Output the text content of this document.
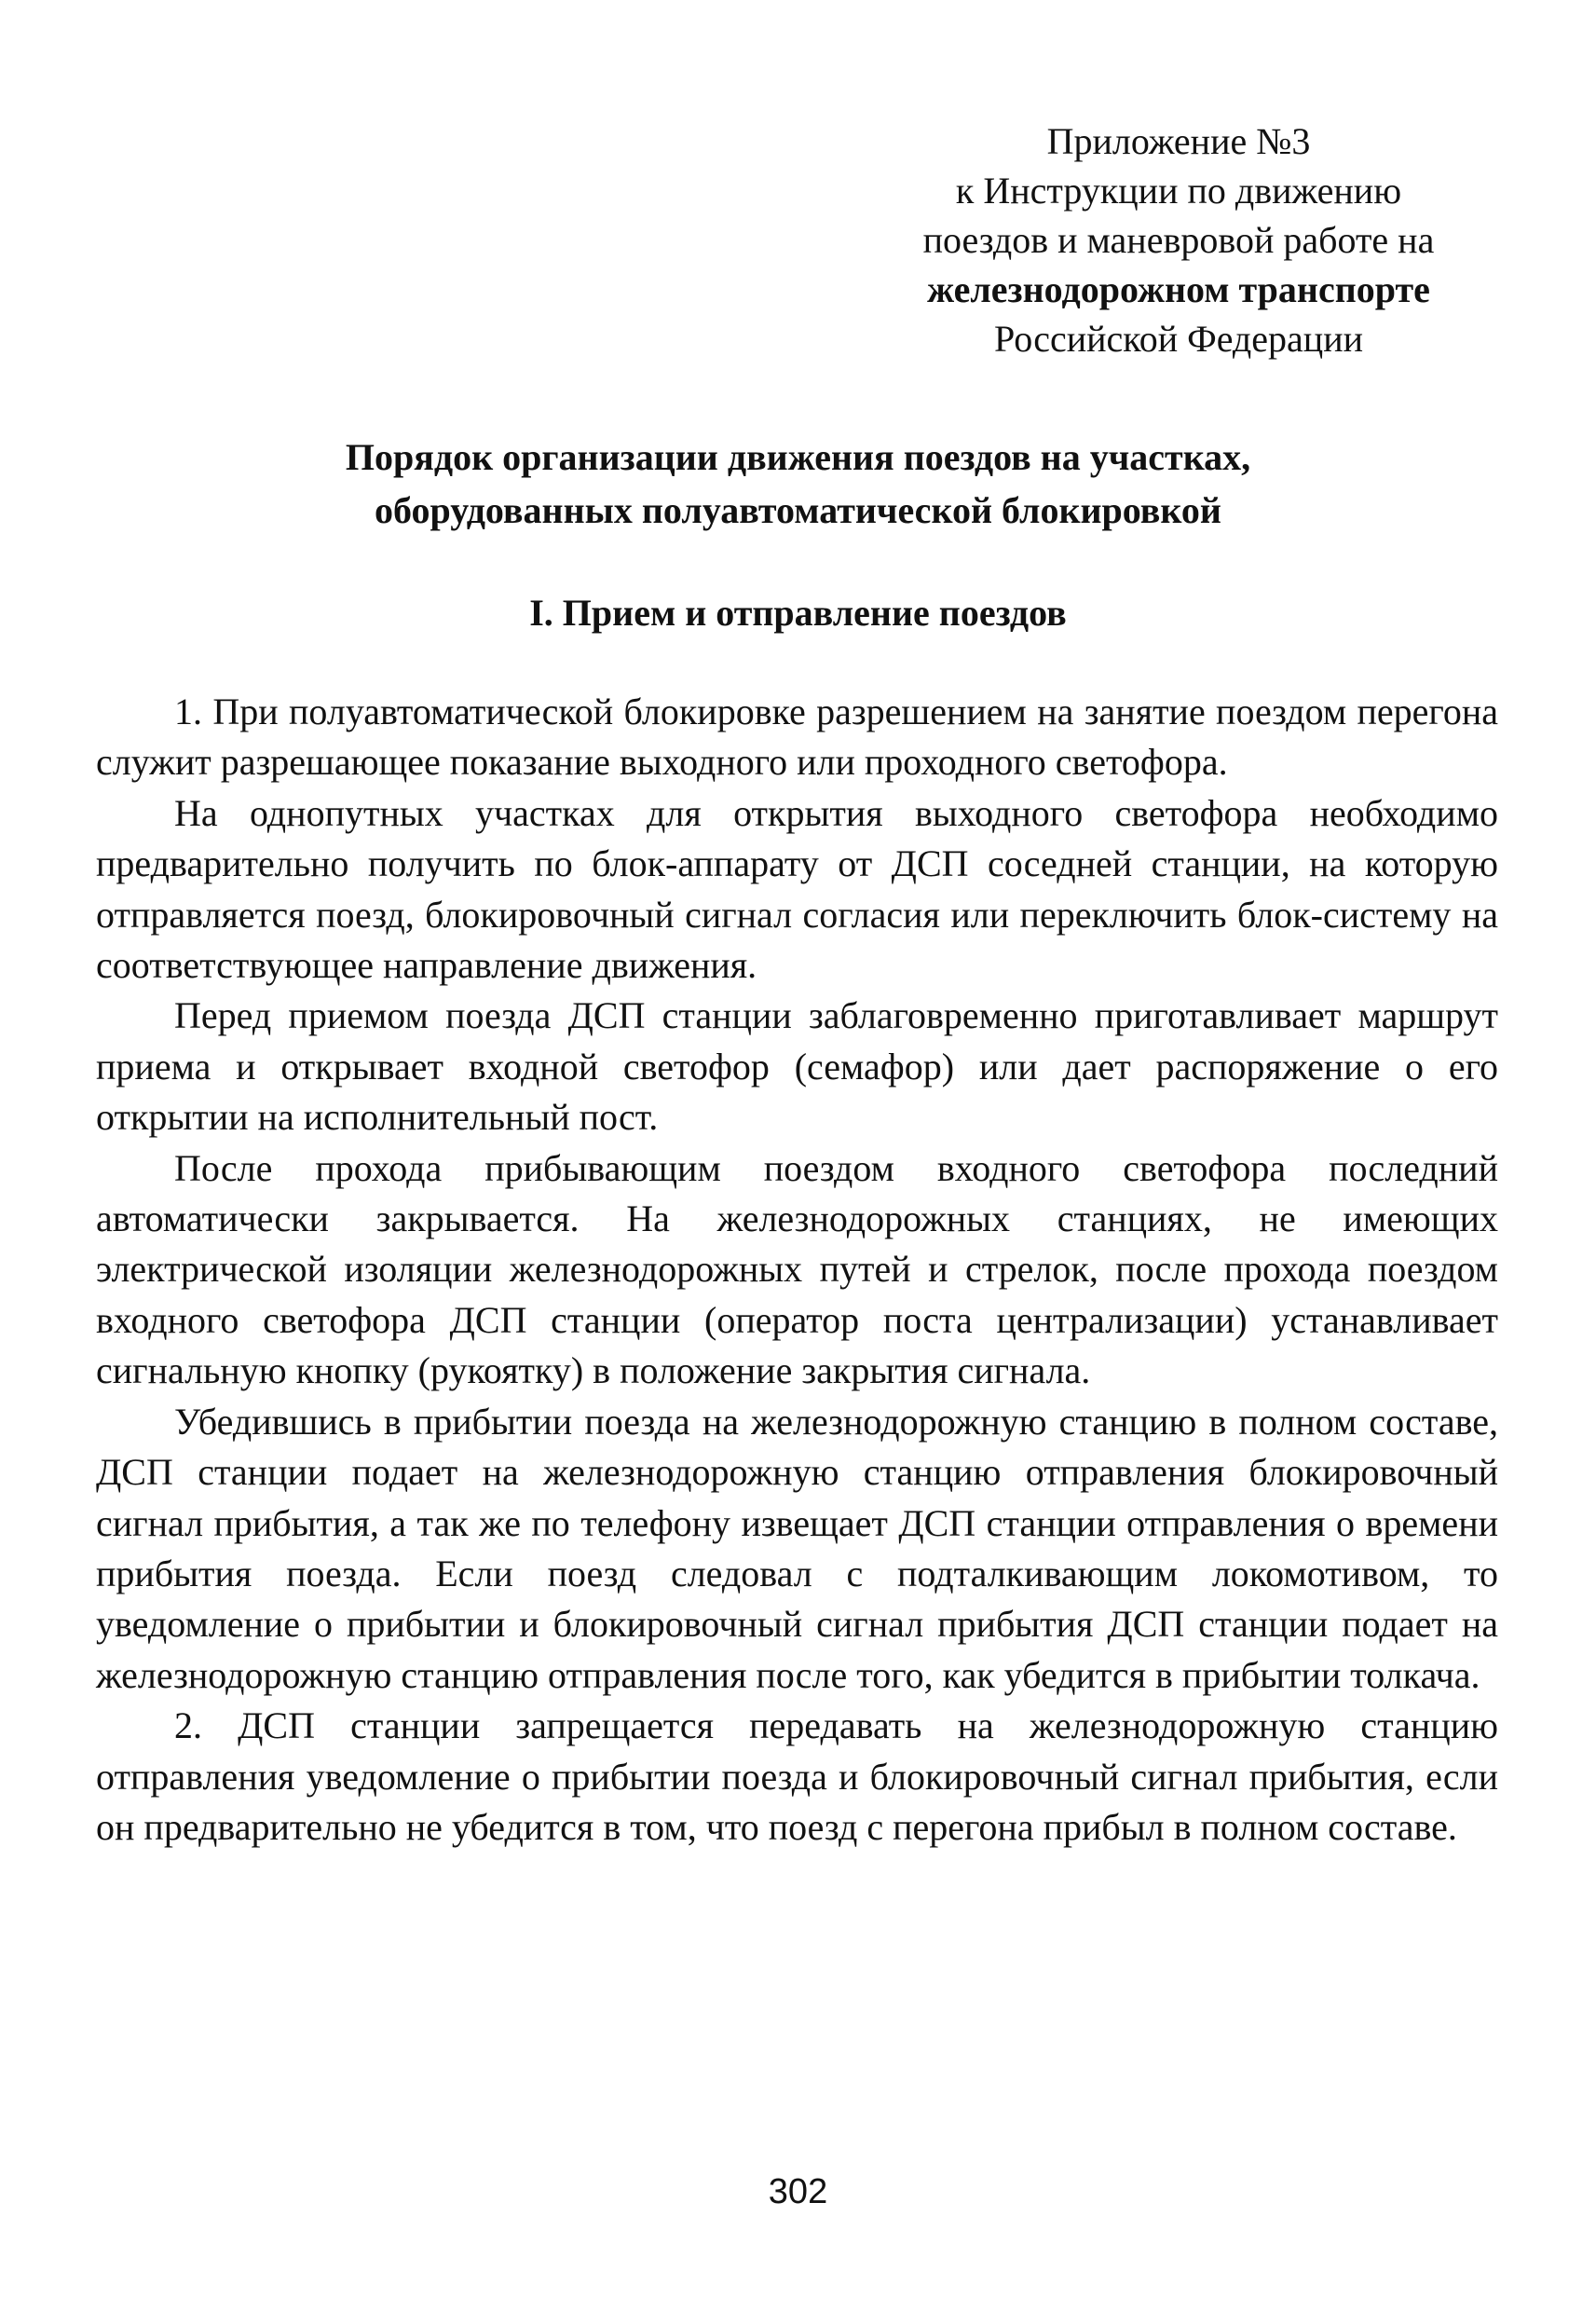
Приложение №3
к Инструкции по движению
поездов и маневровой работе на
железнодорожном транспорте
Российской Федерации
Порядок организации движения поездов на участках,
оборудованных полуавтоматической блокировкой
I. Прием и отправление поездов

1. При полуавтоматической блокировке разрешением на занятие поездом перегона служит разрешающее показание выходного или проходного светофора.

На однопутных участках для открытия выходного светофора необходимо предварительно получить по блок-аппарату от ДСП соседней станции, на которую отправляется поезд, блокировочный сигнал согласия или переключить блок-систему на соответствующее направление движения.

Перед приемом поезда ДСП станции заблаговременно приготавливает маршрут приема и открывает входной светофор (семафор) или дает распоряжение о его открытии на исполнительный пост.

После прохода прибывающим поездом входного светофора последний автоматически закрывается. На железнодорожных станциях, не имеющих электрической изоляции железнодорожных путей и стрелок, после прохода поездом входного светофора ДСП станции (оператор поста централизации) устанавливает сигнальную кнопку (рукоятку) в положение закрытия сигнала.

Убедившись в прибытии поезда на железнодорожную станцию в полном составе, ДСП станции подает на железнодорожную станцию отправления блокировочный сигнал прибытия, а так же по телефону извещает ДСП станции отправления о времени прибытия поезда. Если поезд следовал с подталкивающим локомотивом, то уведомление о прибытии и блокировочный сигнал прибытия ДСП станции подает на железнодорожную станцию отправления после того, как убедится в прибытии толкача.

2. ДСП станции запрещается передавать на железнодорожную станцию отправления уведомление о прибытии поезда и блокировочный сигнал прибытия, если он предварительно не убедится в том, что поезд с перегона прибыл в полном составе.

302
